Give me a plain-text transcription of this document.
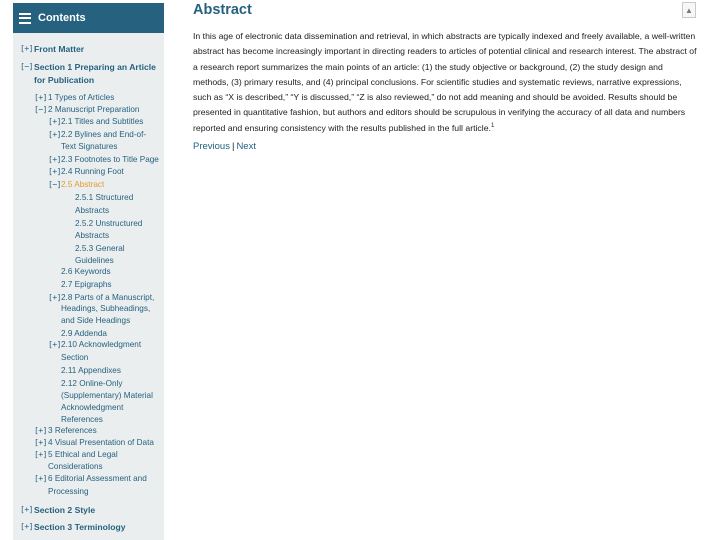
Contents
[+] Front Matter
[−] Section 1 Preparing an Article
for Publication
[+] 1 Types of Articles
[−] 2 Manuscript Preparation
[+] 2.1 Titles and Subtitles
[+] 2.2 Bylines and End-of-
Text Signatures
[+] 2.3 Footnotes to Title Page
[+] 2.4 Running Foot
[−] 2.5 Abstract
2.5.1 Structured
Abstracts
2.5.2 Unstructured
Abstracts
2.5.3 General
Guidelines
2.6 Keywords
2.7 Epigraphs
[+] 2.8 Parts of a Manuscript,
Headings, Subheadings,
and Side Headings
2.9 Addenda
[+] 2.10 Acknowledgment
Section
2.11 Appendixes
2.12 Online-Only
(Supplementary) Material
Acknowledgment
References
[+] 3 References
[+] 4 Visual Presentation of Data
[+] 5 Ethical and Legal
Considerations
[+] 6 Editorial Assessment and
Processing
[+] Section 2 Style
[+] Section 3 Terminology
Abstract

In this age of electronic data dissemination and retrieval, in which abstracts are typically indexed and freely available, a well-written abstract has become increasingly important in directing readers to articles of potential clinical and research interest. The abstract of a research report summarizes the main points of an article: (1) the study objective or background, (2) the study design and methods, (3) primary results, and (4) principal conclusions. For scientific studies and systematic reviews, narrative expressions, such as “X is described,” “Y is discussed,” “Z is also reviewed,” do not add meaning and should be avoided. Results should be presented in quantitative fashion, but authors and editors should be scrupulous in verifying the accuracy of all data and numbers reported and ensuring consistency with the results published in the full article.$^1$

Previous | Next
▲
